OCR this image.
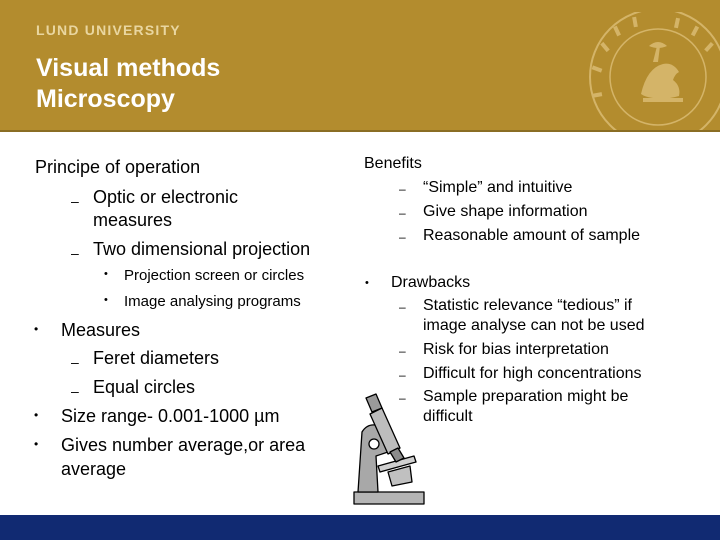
LUND UNIVERSITY
Visual methods
Microscopy
Principe of operation
– Optic or electronic
measures
– Two dimensional projection
• Projection screen or circles
• Image analysing programs
• Measures
– Feret diameters
– Equal circles
• Size range- 0.001-1000 µm
• Gives number average,or area
average
Benefits
– “Simple” and intuitive
– Give shape information
– Reasonable amount of sample
• Drawbacks
– Statistic relevance “tedious” if
image analyse can not be used
– Risk for bias interpretation
– Difficult for high concentrations
– Sample preparation might be
difficult
